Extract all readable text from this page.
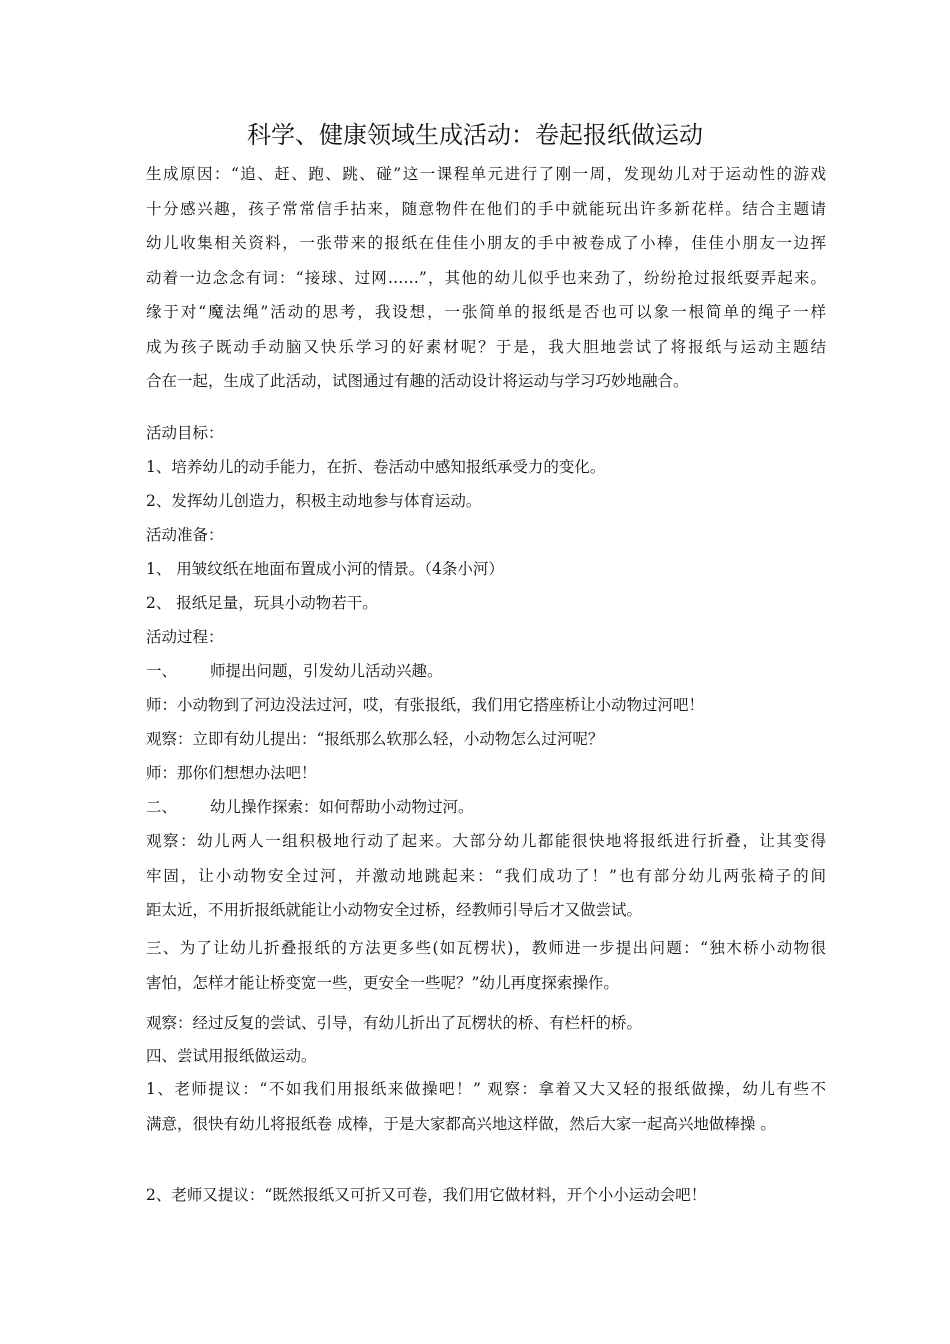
科学、健康领域生成活动：卷起报纸做运动
生成原因：“追、赶、跑、跳、碰”这一课程单元进行了刚一周，发现幼儿对于运动性的游戏
十分感兴趣，孩子常常信手拈来，随意物件在他们的手中就能玩出许多新花样。结合主题请
幼儿收集相关资料，一张带来的报纸在佳佳小朋友的手中被卷成了小棒，佳佳小朋友一边挥
动着一边念念有词：“接球、过网……”，其他的幼儿似乎也来劲了，纷纷抢过报纸耍弄起来。
缘于对“魔法绳”活动的思考，我设想，一张简单的报纸是否也可以象一根简单的绳子一样
成为孩子既动手动脑又快乐学习的好素材呢？于是，我大胆地尝试了将报纸与运动主题结
合在一起，生成了此活动，试图通过有趣的活动设计将运动与学习巧妙地融合。
活动目标：
1、培养幼儿的动手能力，在折、卷活动中感知报纸承受力的变化。
2、发挥幼儿创造力，积极主动地参与体育运动。
活动准备：
1、 用皱纹纸在地面布置成小河的情景。（4条小河）
2、 报纸足量，玩具小动物若干。
活动过程：
一、 师提出问题，引发幼儿活动兴趣。
师：小动物到了河边没法过河，哎，有张报纸，我们用它搭座桥让小动物过河吧！
观察：立即有幼儿提出：“报纸那么软那么轻，小动物怎么过河呢？
师：那你们想想办法吧！
二、 幼儿操作探索：如何帮助小动物过河。
观察：幼儿两人一组积极地行动了起来。大部分幼儿都能很快地将报纸进行折叠，让其变得
牢固，让小动物安全过河，并激动地跳起来：“我们成功了！”也有部分幼儿两张椅子的间
距太近，不用折报纸就能让小动物安全过桥，经教师引导后才又做尝试。
三、为了让幼儿折叠报纸的方法更多些(如瓦楞状)，教师进一步提出问题：“独木桥小动物很
害怕，怎样才能让桥变宽一些，更安全一些呢？”幼儿再度探索操作。
观察：经过反复的尝试、引导，有幼儿折出了瓦楞状的桥、有栏杆的桥。
四、尝试用报纸做运动。
1、老师提议：“不如我们用报纸来做操吧！” 观察：拿着又大又轻的报纸做操，幼儿有些不
满意，很快有幼儿将报纸卷 成棒，于是大家都高兴地这样做，然后大家一起高兴地做棒操 。
2、老师又提议：“既然报纸又可折又可卷，我们用它做材料，开个小小运动会吧！
